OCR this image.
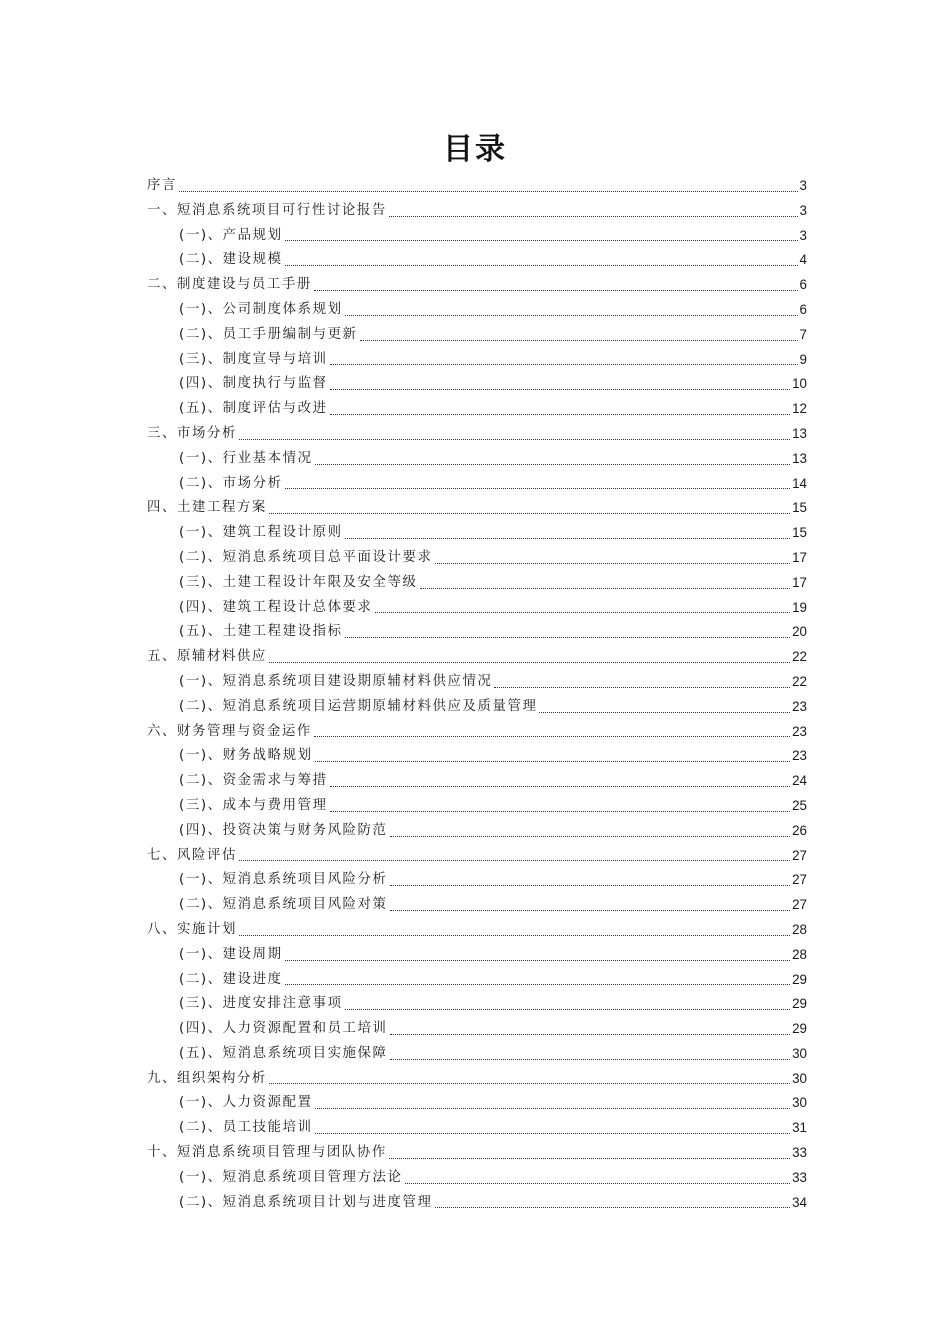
目录
序言	3
一、短消息系统项目可行性讨论报告	3
(一)、产品规划	3
(二)、建设规模	4
二、制度建设与员工手册	6
(一)、公司制度体系规划	6
(二)、员工手册编制与更新	7
(三)、制度宣导与培训	9
(四)、制度执行与监督	10
(五)、制度评估与改进	12
三、市场分析	13
(一)、行业基本情况	13
(二)、市场分析	14
四、土建工程方案	15
(一)、建筑工程设计原则	15
(二)、短消息系统项目总平面设计要求	17
(三)、土建工程设计年限及安全等级	17
(四)、建筑工程设计总体要求	19
(五)、土建工程建设指标	20
五、原辅材料供应	22
(一)、短消息系统项目建设期原辅材料供应情况	22
(二)、短消息系统项目运营期原辅材料供应及质量管理	23
六、财务管理与资金运作	23
(一)、财务战略规划	23
(二)、资金需求与筹措	24
(三)、成本与费用管理	25
(四)、投资决策与财务风险防范	26
七、风险评估	27
(一)、短消息系统项目风险分析	27
(二)、短消息系统项目风险对策	27
八、实施计划	28
(一)、建设周期	28
(二)、建设进度	29
(三)、进度安排注意事项	29
(四)、人力资源配置和员工培训	29
(五)、短消息系统项目实施保障	30
九、组织架构分析	30
(一)、人力资源配置	30
(二)、员工技能培训	31
十、短消息系统项目管理与团队协作	33
(一)、短消息系统项目管理方法论	33
(二)、短消息系统项目计划与进度管理	34
